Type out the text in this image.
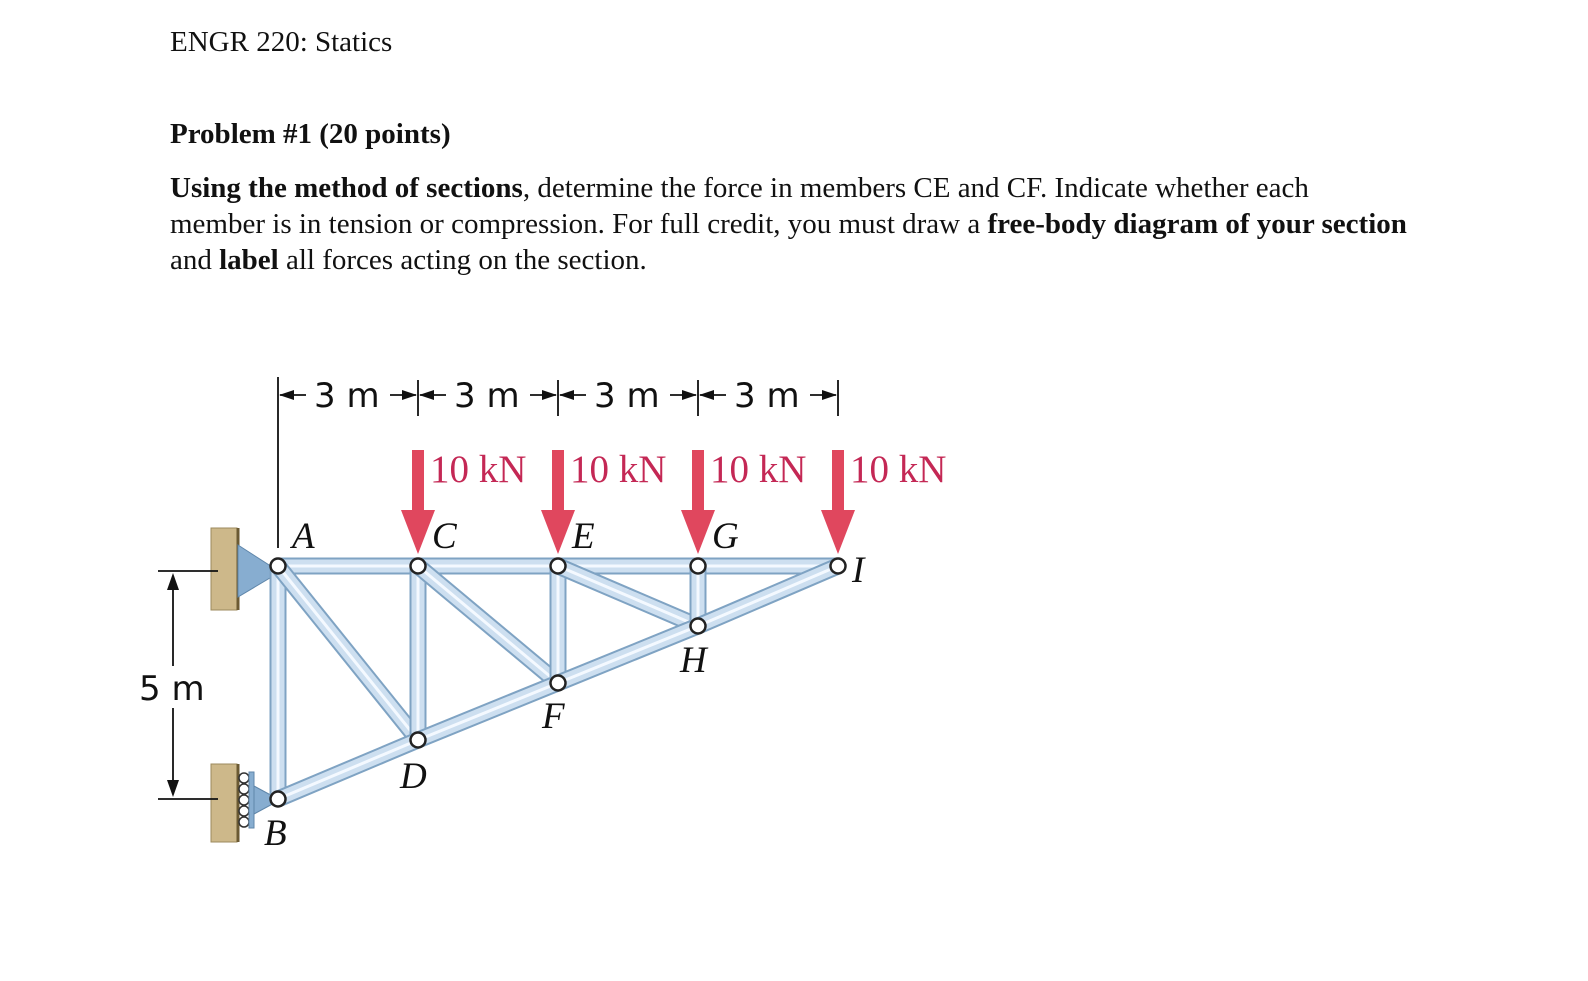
ENGR 220: Statics
Problem #1 (20 points)
Using the method of sections, determine the force in members CE and CF. Indicate whether each member is in tension or compression. For full credit, you must draw a free-body diagram of your section and label all forces acting on the section.
A
B
C
D
E
F
G
H
I
3 m 3 m 3 m 3 m
5 m
10 kN 10 kN 10 kN 10 kN
